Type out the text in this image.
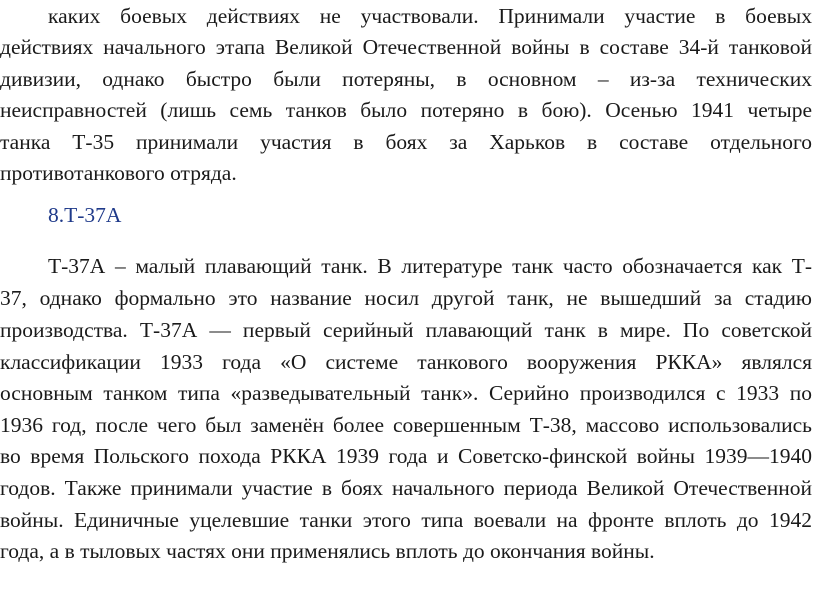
каких боевых действиях не участвовали. Принимали участие в боевых

действиях начального этапа Великой Отечественной войны в составе 34-й танковой

дивизии, однако быстро были потеряны, в основном – из-за технических

неисправностей (лишь семь танков было потеряно в бою). Осенью 1941 четыре

танка Т-35 принимали участия в боях за Харьков в составе отдельного

противотанкового отряда.

8.Т-37А

Т-37А – малый плавающий танк. В литературе танк часто обозначается как Т-

37, однако формально это название носил другой танк, не вышедший за стадию

производства. Т-37А — первый серийный плавающий танк в мире. По советской

классификации 1933 года «О системе танкового вооружения РККА» являлся

основным танком типа «разведывательный танк». Серийно производился с 1933 по

1936 год, после чего был заменён более совершенным Т-38, массово использовались

во время Польского похода РККА 1939 года и Советско-финской войны 1939—1940

годов. Также принимали участие в боях начального периода Великой Отечественной

войны. Единичные уцелевшие танки этого типа воевали на фронте вплоть до 1942

года, а в тыловых частях они применялись вплоть до окончания войны.
